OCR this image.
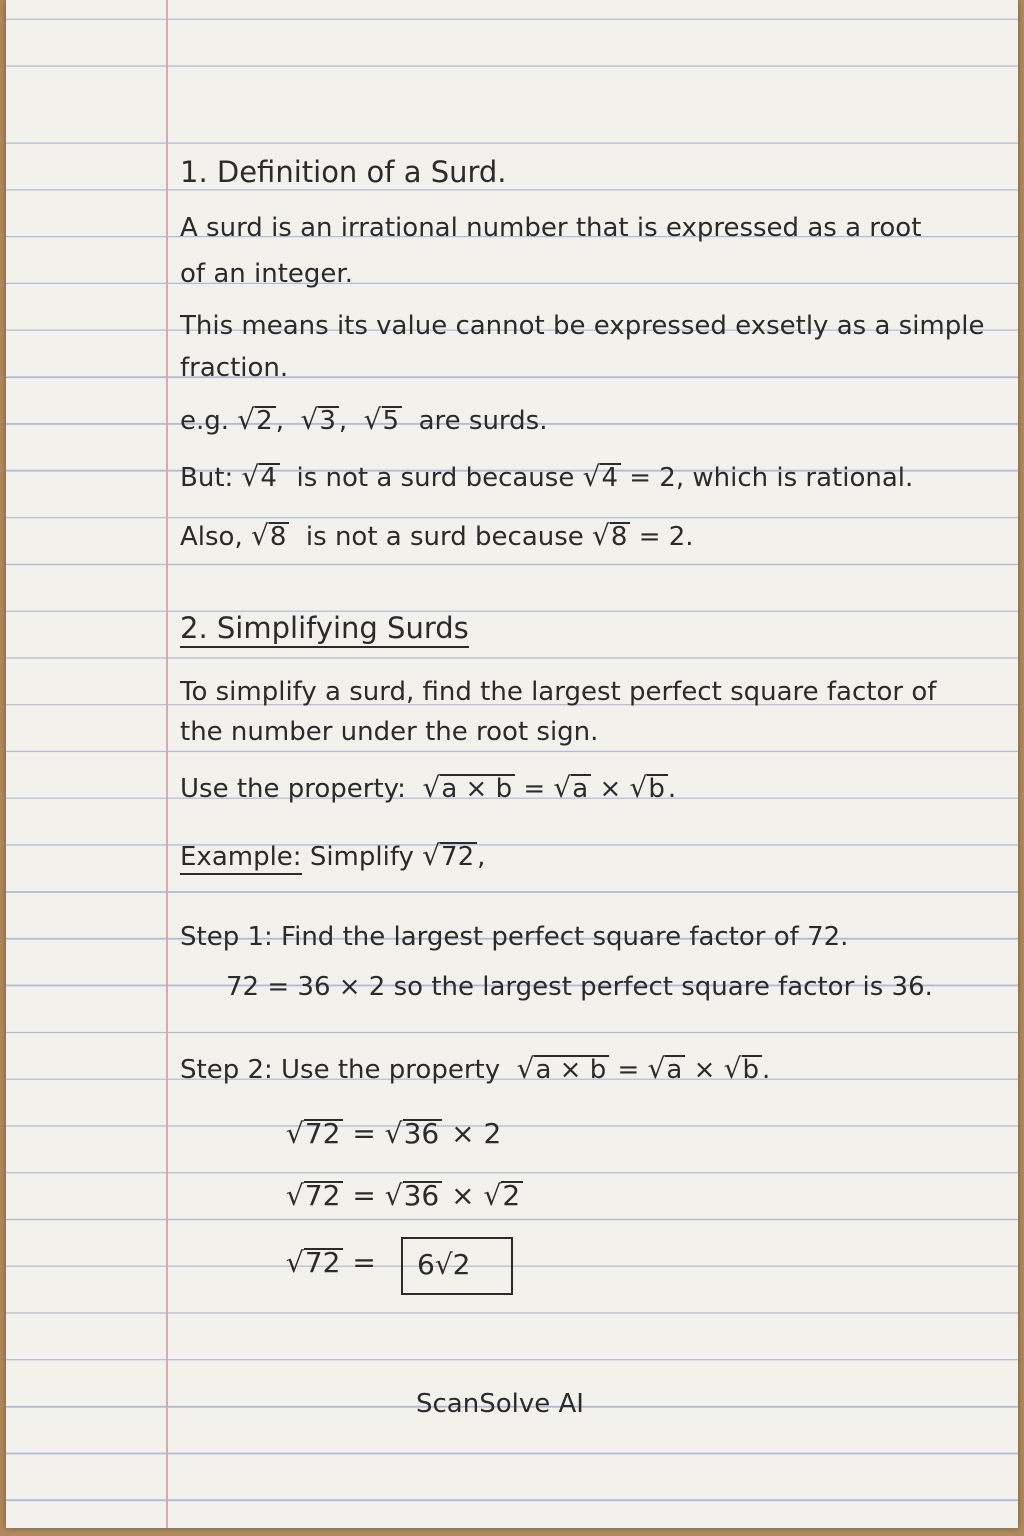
1. Definition of a Surd.
A surd is an irrational number that is expressed as a root
of an integer.
This means its value cannot be expressed exsetly as a simple
fraction.
e.g. √2 ,  √3 ,  √5 are surds.
But: √4 is not a surd because √4 = 2, which is rational.
Also, √8 is not a surd because √8 = 2.
2. Simplifying Surds
To simplify a surd, find the largest perfect square factor of
the number under the root sign.
Use the property: √a × b = √a × √b .
Example: Simplify √72 ,
Step 1: Find the largest perfect square factor of 72.
72 = 36 × 2 so the largest perfect square factor is 36.
Step 2: Use the property √a × b = √a × √b .
√72 = √36 × 2
√72 = √36 × √2
√72 = 6√2
ScanSolve AI
